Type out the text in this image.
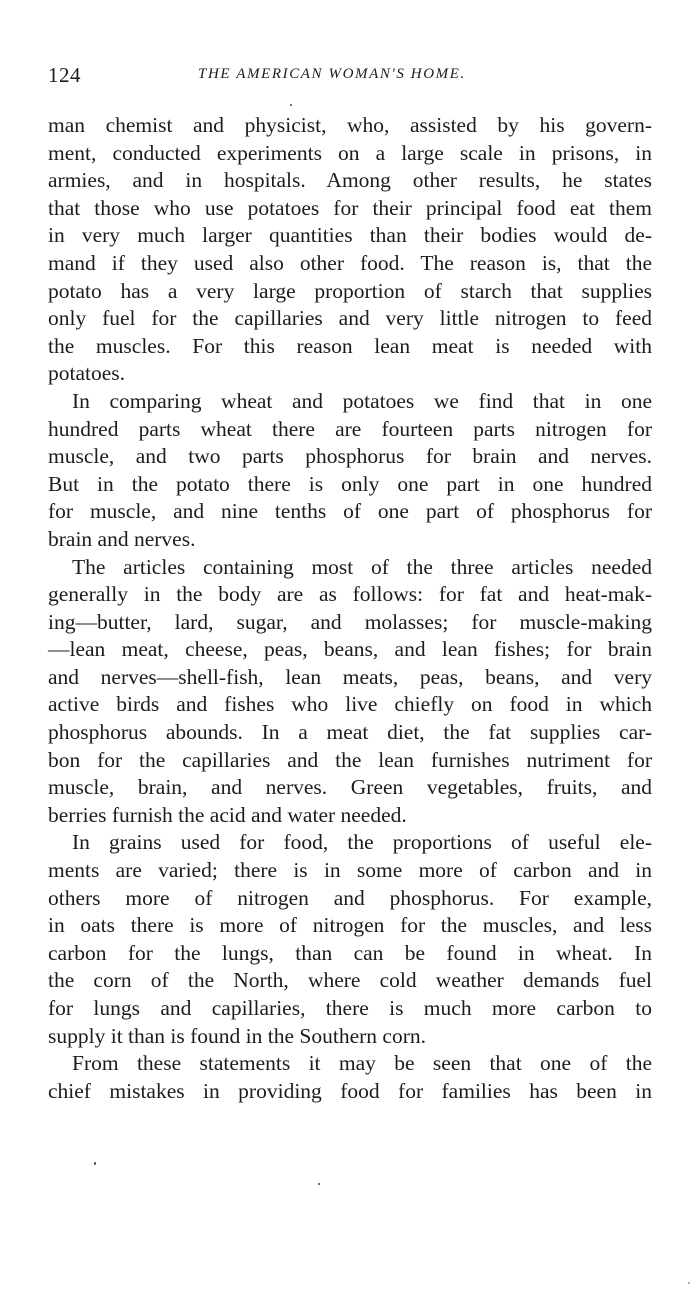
124	THE AMERICAN WOMAN'S HOME.
man chemist and physicist, who, assisted by his govern-
ment, conducted experiments on a large scale in prisons, in
armies, and in hospitals. Among other results, he states
that those who use potatoes for their principal food eat them
in very much larger quantities than their bodies would de-
mand if they used also other food. The reason is, that the
potato has a very large proportion of starch that supplies
only fuel for the capillaries and very little nitrogen to feed
the muscles. For this reason lean meat is needed with
potatoes.
In comparing wheat and potatoes we find that in one
hundred parts wheat there are fourteen parts nitrogen for
muscle, and two parts phosphorus for brain and nerves.
But in the potato there is only one part in one hundred
for muscle, and nine tenths of one part of phosphorus for
brain and nerves.
The articles containing most of the three articles needed
generally in the body are as follows: for fat and heat-mak-
ing—butter, lard, sugar, and molasses; for muscle-making
—lean meat, cheese, peas, beans, and lean fishes; for brain
and nerves—shell-fish, lean meats, peas, beans, and very
active birds and fishes who live chiefly on food in which
phosphorus abounds. In a meat diet, the fat supplies car-
bon for the capillaries and the lean furnishes nutriment for
muscle, brain, and nerves. Green vegetables, fruits, and
berries furnish the acid and water needed.
In grains used for food, the proportions of useful ele-
ments are varied; there is in some more of carbon and in
others more of nitrogen and phosphorus. For example,
in oats there is more of nitrogen for the muscles, and less
carbon for the lungs, than can be found in wheat. In
the corn of the North, where cold weather demands fuel
for lungs and capillaries, there is much more carbon to
supply it than is found in the Southern corn.
From these statements it may be seen that one of the
chief mistakes in providing food for families has been in
